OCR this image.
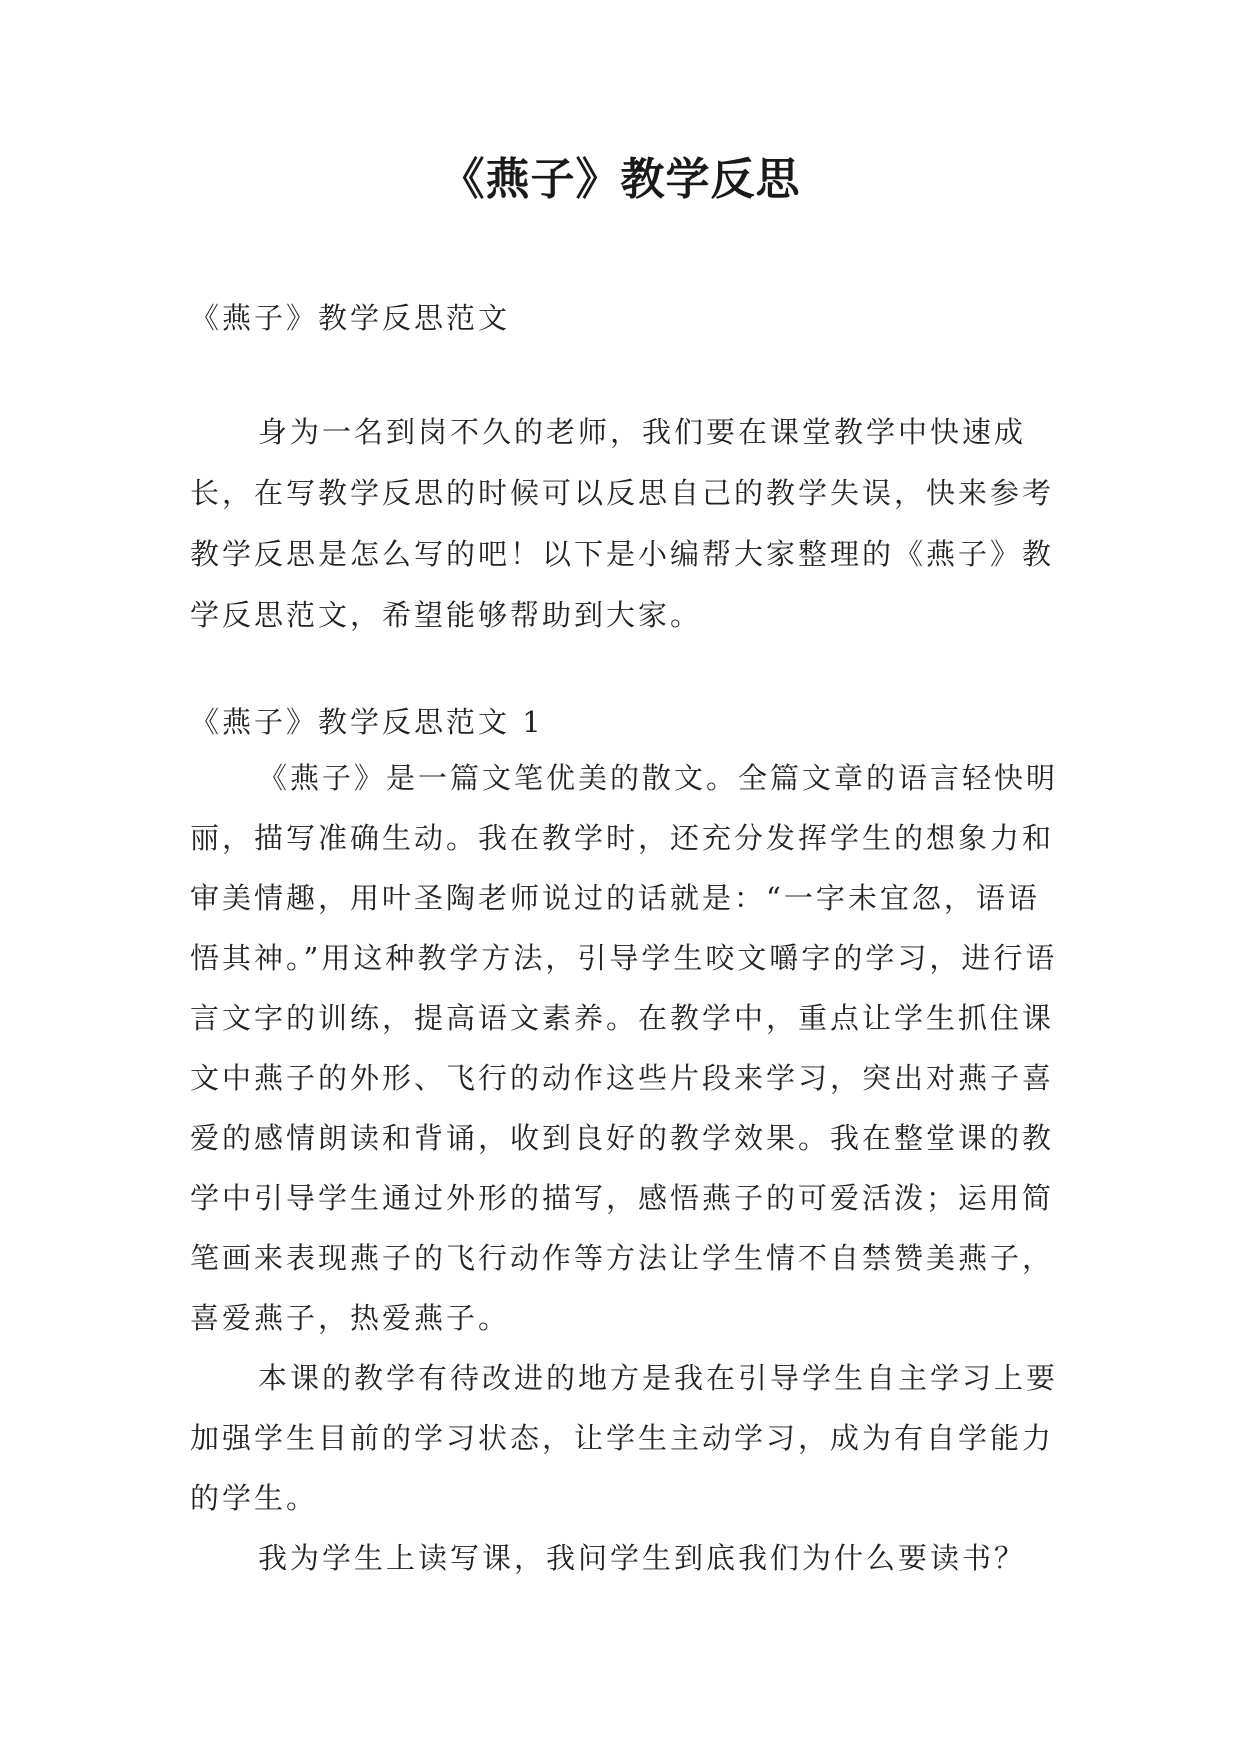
《燕子》教学反思

《燕子》教学反思范文

身为一名到岗不久的老师，我们要在课堂教学中快速成长，在写教学反思的时候可以反思自己的教学失误，快来参考教学反思是怎么写的吧！以下是小编帮大家整理的《燕子》教学反思范文，希望能够帮助到大家。

《燕子》教学反思范文 1

《燕子》是一篇文笔优美的散文。全篇文章的语言轻快明丽，描写准确生动。我在教学时，还充分发挥学生的想象力和审美情趣，用叶圣陶老师说过的话就是：“一字未宜忽，语语悟其神。”用这种教学方法，引导学生咬文嚼字的学习，进行语言文字的训练，提高语文素养。在教学中，重点让学生抓住课文中燕子的外形、飞行的动作这些片段来学习，突出对燕子喜爱的感情朗读和背诵，收到良好的教学效果。我在整堂课的教学中引导学生通过外形的描写，感悟燕子的可爱活泼；运用简笔画来表现燕子的飞行动作等方法让学生情不自禁赞美燕子，喜爱燕子，热爱燕子。

本课的教学有待改进的地方是我在引导学生自主学习上要加强学生目前的学习状态，让学生主动学习，成为有自学能力的学生。

我为学生上读写课，我问学生到底我们为什么要读书？
